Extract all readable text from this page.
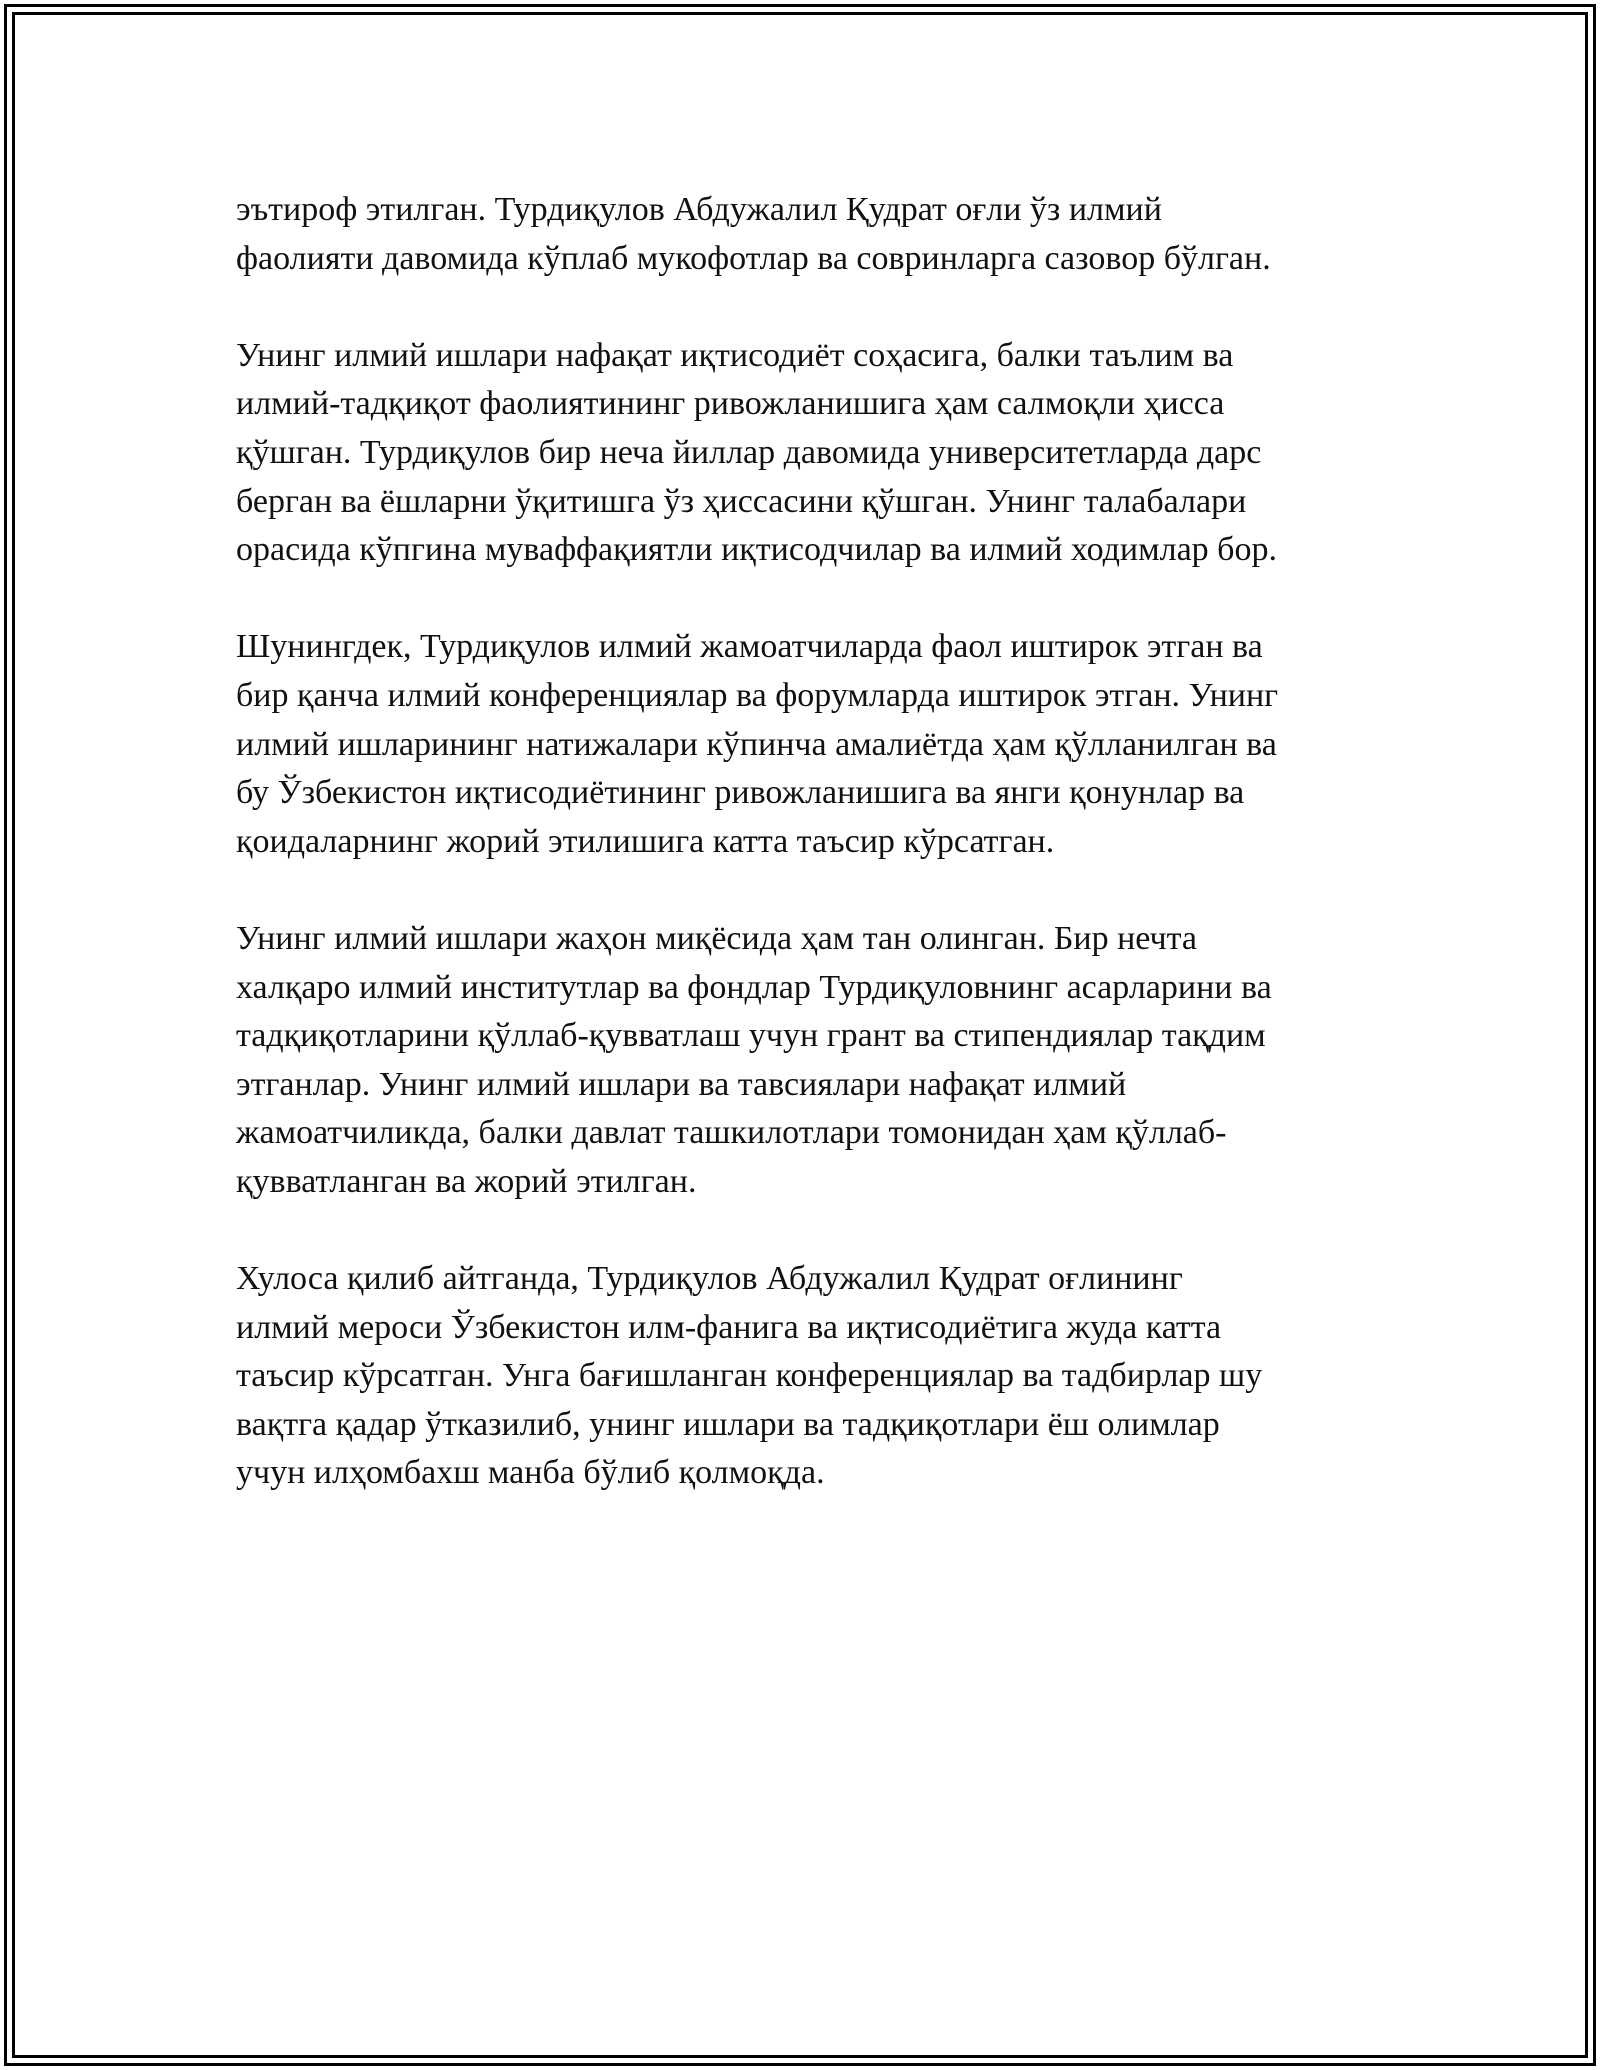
эътироф этилган. Турдиқулов Абдужалил Қудрат оғли ўз илмий
фаолияти давомида кўплаб мукофотлар ва совринларга сазовор бўлган.
Унинг илмий ишлари нафақат иқтисодиёт соҳасига, балки таълим ва
илмий-тадқиқот фаолиятининг ривожланишига ҳам салмоқли ҳисса
қўшган. Турдиқулов бир неча йиллар давомида университетларда дарс
берган ва ёшларни ўқитишга ўз ҳиссасини қўшган. Унинг талабалари
орасида кўпгина муваффақиятли иқтисодчилар ва илмий ходимлар бор.
Шунингдек, Турдиқулов илмий жамоатчиларда фаол иштирок этган ва
бир қанча илмий конференциялар ва форумларда иштирок этган. Унинг
илмий ишларининг натижалари кўпинча амалиётда ҳам қўлланилган ва
бу Ўзбекистон иқтисодиётининг ривожланишига ва янги қонунлар ва
қоидаларнинг жорий этилишига катта таъсир кўрсатган.
Унинг илмий ишлари жаҳон миқёсида ҳам тан олинган. Бир нечта
халқаро илмий институтлар ва фондлар Турдиқуловнинг асарларини ва
тадқиқотларини қўллаб-қувватлаш учун грант ва стипендиялар тақдим
этганлар. Унинг илмий ишлари ва тавсиялари нафақат илмий
жамоатчиликда, балки давлат ташкилотлари томонидан ҳам қўллаб-
қувватланган ва жорий этилган.
Хулоса қилиб айтганда, Турдиқулов Абдужалил Қудрат оғлининг
илмий мероси Ўзбекистон илм-фанига ва иқтисодиётига жуда катта
таъсир кўрсатган. Унга бағишланган конференциялар ва тадбирлар шу
вақтга қадар ўтказилиб, унинг ишлари ва тадқиқотлари ёш олимлар
учун илҳомбахш манба бўлиб қолмоқда.
